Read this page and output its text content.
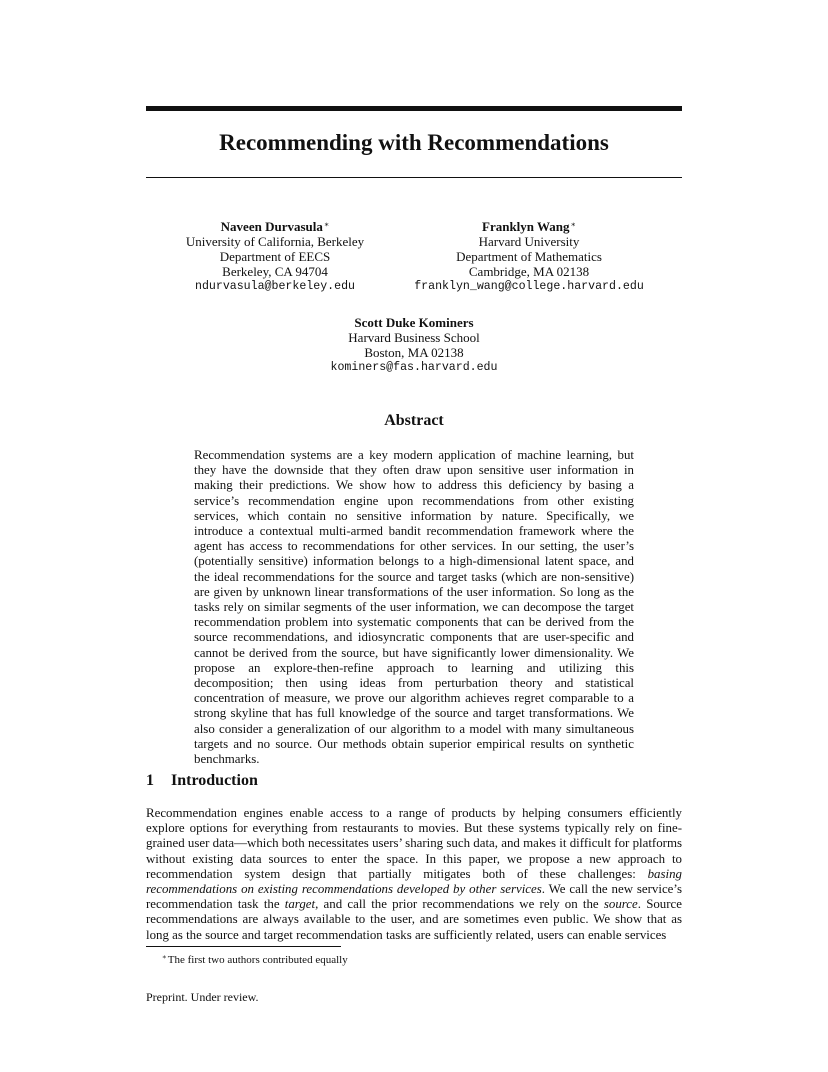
Recommending with Recommendations
Naveen Durvasula∗
University of California, Berkeley
Department of EECS
Berkeley, CA 94704
ndurvasula@berkeley.edu
Franklyn Wang∗
Harvard University
Department of Mathematics
Cambridge, MA 02138
franklyn_wang@college.harvard.edu
Scott Duke Kominers
Harvard Business School
Boston, MA 02138
kominers@fas.harvard.edu
Abstract
Recommendation systems are a key modern application of machine learning, but they have the downside that they often draw upon sensitive user information in making their predictions. We show how to address this deficiency by basing a service’s recommendation engine upon recommendations from other existing services, which contain no sensitive information by nature. Specifically, we introduce a contextual multi-armed bandit recommendation framework where the agent has access to recommendations for other services. In our setting, the user’s (potentially sensitive) information belongs to a high-dimensional latent space, and the ideal recommendations for the source and target tasks (which are non-sensitive) are given by unknown linear transformations of the user information. So long as the tasks rely on similar segments of the user information, we can decompose the target recommendation problem into systematic components that can be derived from the source recommendations, and idiosyncratic components that are user-specific and cannot be derived from the source, but have significantly lower dimensionality. We propose an explore-then-refine approach to learning and utilizing this decomposition; then using ideas from perturbation theory and statistical concentration of measure, we prove our algorithm achieves regret comparable to a strong skyline that has full knowledge of the source and target transformations. We also consider a generalization of our algorithm to a model with many simultaneous targets and no source. Our methods obtain superior empirical results on synthetic benchmarks.
1 Introduction
Recommendation engines enable access to a range of products by helping consumers efficiently explore options for everything from restaurants to movies. But these systems typically rely on fine-grained user data—which both necessitates users’ sharing such data, and makes it difficult for platforms without existing data sources to enter the space. In this paper, we propose a new approach to recommendation system design that partially mitigates both of these challenges: basing recommendations on existing recommendations developed by other services. We call the new service’s recommendation task the target, and call the prior recommendations we rely on the source. Source recommendations are always available to the user, and are sometimes even public. We show that as long as the source and target recommendation tasks are sufficiently related, users can enable services
∗The first two authors contributed equally
Preprint. Under review.
